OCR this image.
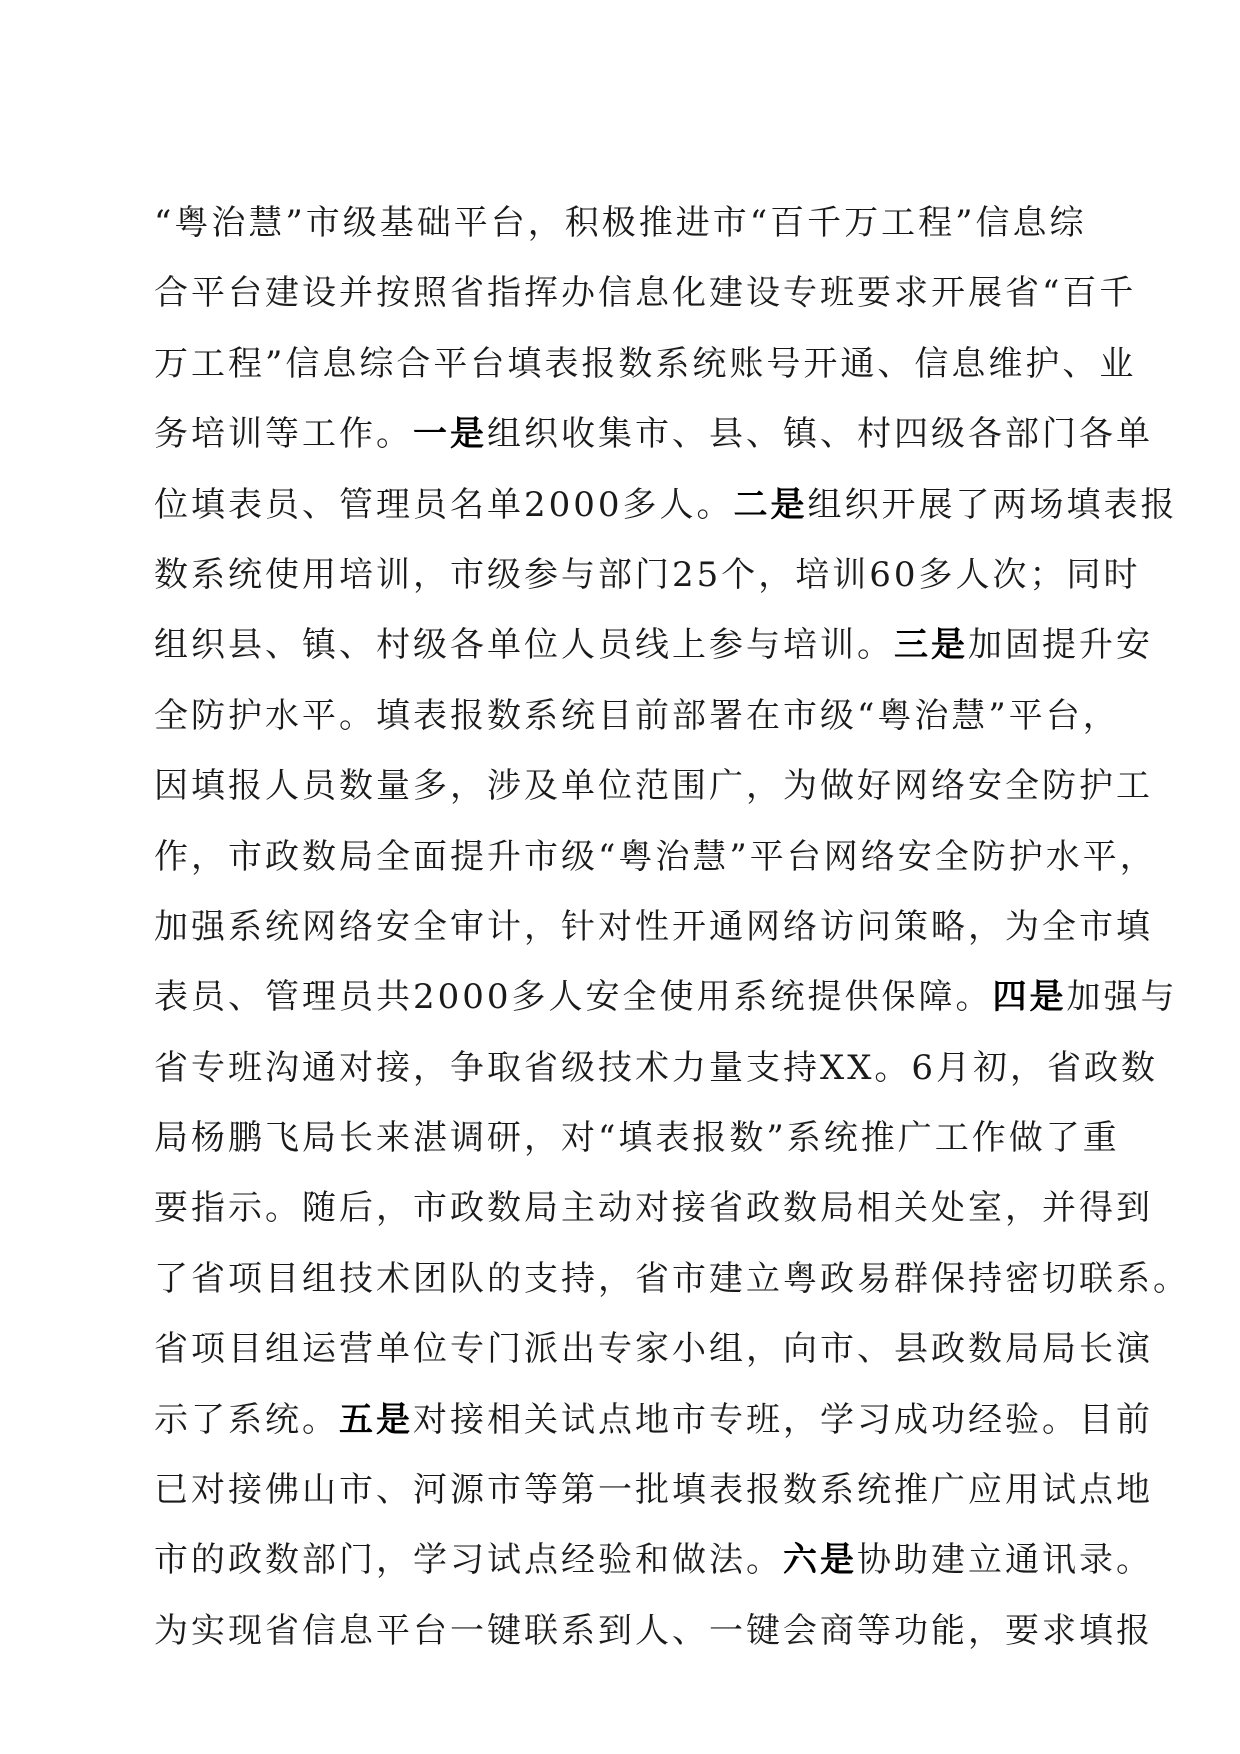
“粤治慧”市级基础平台，积极推进市“百千万工程”信息综
合平台建设并按照省指挥办信息化建设专班要求开展省“百千
万工程”信息综合平台填表报数系统账号开通、信息维护、业
务培训等工作。一是组织收集市、县、镇、村四级各部门各单
位填表员、管理员名单2000多人。二是组织开展了两场填表报
数系统使用培训，市级参与部门25个，培训60多人次；同时
组织县、镇、村级各单位人员线上参与培训。三是加固提升安
全防护水平。填表报数系统目前部署在市级“粤治慧”平台，
因填报人员数量多，涉及单位范围广，为做好网络安全防护工
作，市政数局全面提升市级“粤治慧”平台网络安全防护水平，
加强系统网络安全审计，针对性开通网络访问策略，为全市填
表员、管理员共2000多人安全使用系统提供保障。四是加强与
省专班沟通对接，争取省级技术力量支持XX。6月初，省政数
局杨鹏飞局长来湛调研，对“填表报数”系统推广工作做了重
要指示。随后，市政数局主动对接省政数局相关处室，并得到
了省项目组技术团队的支持，省市建立粤政易群保持密切联系。
省项目组运营单位专门派出专家小组，向市、县政数局局长演
示了系统。五是对接相关试点地市专班，学习成功经验。目前
已对接佛山市、河源市等第一批填表报数系统推广应用试点地
市的政数部门，学习试点经验和做法。六是协助建立通讯录。
为实现省信息平台一键联系到人、一键会商等功能，要求填报
